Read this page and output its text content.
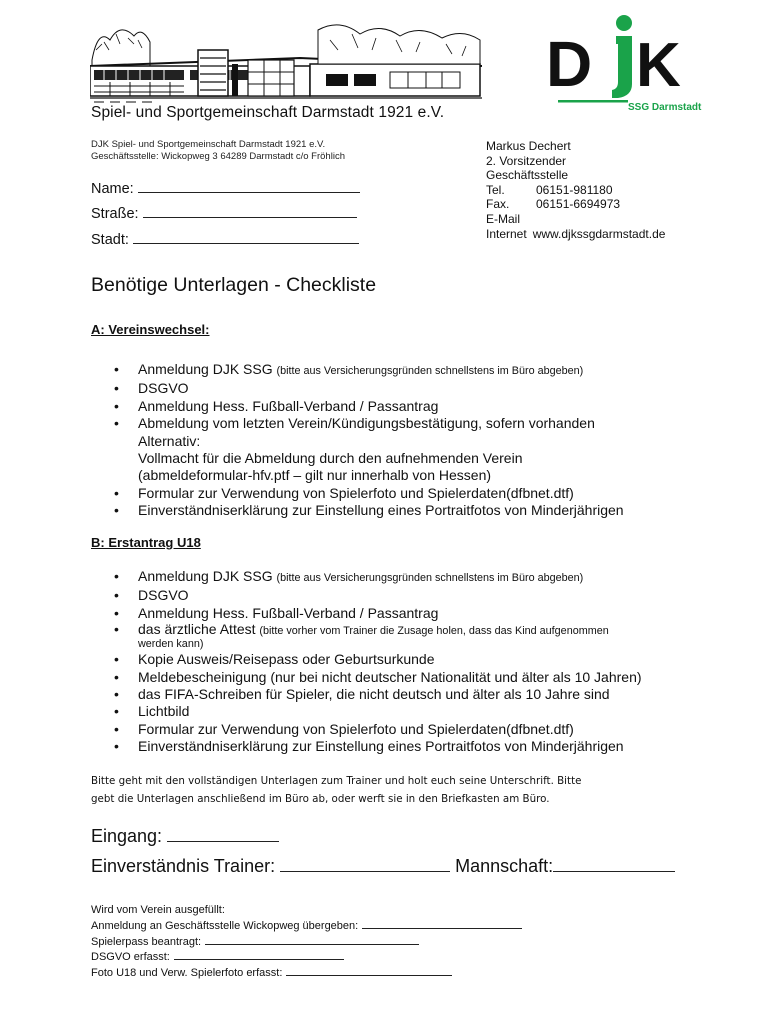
Spiel- und Sportgemeinschaft Darmstadt 1921 e.V.
D K
SSG Darmstadt
DJK Spiel- und Sportgemeinschaft Darmstadt 1921 e.V.
Geschäftsstelle: Wickopweg 3 64289 Darmstadt c/o Fröhlich
Markus Dechert
2. Vorsitzender
Geschäftsstelle
Tel.	06151-981180
Fax. 06151-6694973
E-Mail
Internet www.djkssgdarmstadt.de
Name:
Straße:
Stadt:
Benötige Unterlagen - Checkliste
A: Vereinswechsel:
• Anmeldung DJK SSG (bitte aus Versicherungsgründen schnellstens im Büro abgeben)
• DSGVO
• Anmeldung Hess. Fußball-Verband / Passantrag
• Abmeldung vom letzten Verein/Kündigungsbestätigung, sofern vorhanden
Alternativ:
Vollmacht für die Abmeldung durch den aufnehmenden Verein
(abmeldeformular-hfv.ptf – gilt nur innerhalb von Hessen)
• Formular zur Verwendung von Spielerfoto und Spielerdaten(dfbnet.dtf)
• Einverständniserklärung zur Einstellung eines Portraitfotos von Minderjährigen
B: Erstantrag U18
• Anmeldung DJK SSG (bitte aus Versicherungsgründen schnellstens im Büro abgeben)
• DSGVO
• Anmeldung Hess. Fußball-Verband / Passantrag
• das ärztliche Attest (bitte vorher vom Trainer die Zusage holen, dass das Kind aufgenommen
werden kann)
• Kopie Ausweis/Reisepass oder Geburtsurkunde
• Meldebescheinigung (nur bei nicht deutscher Nationalität und älter als 10 Jahren)
• das FIFA-Schreiben für Spieler, die nicht deutsch und älter als 10 Jahre sind
• Lichtbild
• Formular zur Verwendung von Spielerfoto und Spielerdaten(dfbnet.dtf)
• Einverständniserklärung zur Einstellung eines Portraitfotos von Minderjährigen
Bitte geht mit den vollständigen Unterlagen zum Trainer und holt euch seine Unterschrift. Bitte
gebt die Unterlagen anschließend im Büro ab, oder werft sie in den Briefkasten am Büro.
Eingang:
Einverständnis Trainer:	Mannschaft:
Wird vom Verein ausgefüllt:
Anmeldung an Geschäftsstelle Wickopweg übergeben:
Spielerpass beantragt:
DSGVO erfasst:
Foto U18 und Verw. Spielerfoto erfasst:
